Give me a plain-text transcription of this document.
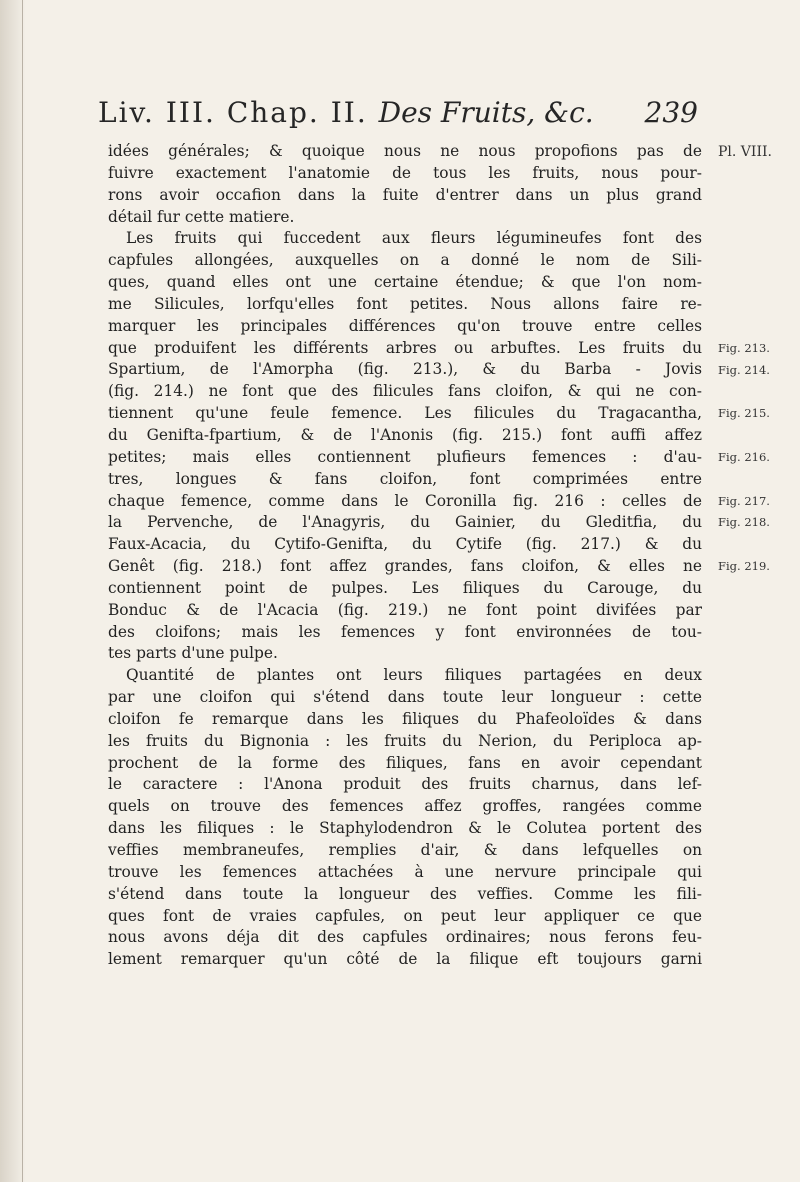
Liv. III. Chap. II. Des Fruits, &c. 239
idées générales; & quoique nous ne nous propofions pas de
fuivre exactement l'anatomie de tous les fruits, nous pour-
rons avoir occafion dans la fuite d'entrer dans un plus grand
détail fur cette matiere.
Les fruits qui fuccedent aux fleurs légumineufes font des
capfules allongées, auxquelles on a donné le nom de Sili-
ques, quand elles ont une certaine étendue; & que l'on nom-
me Silicules, lorfqu'elles font petites. Nous allons faire re-
marquer les principales différences qu'on trouve entre celles
que produifent les différents arbres ou arbuftes. Les fruits du
Spartium, de l'Amorpha (fig. 213.), & du Barba - Jovis
(fig. 214.) ne font que des filicules fans cloifon, & qui ne con-
tiennent qu'une feule femence. Les filicules du Tragacantha,
du Genifta-fpartium, & de l'Anonis (fig. 215.) font auffi affez
petites; mais elles contiennent plufieurs femences : d'au-
tres, longues & fans cloifon, font comprimées entre
chaque femence, comme dans le Coronilla fig. 216 : celles de
la Pervenche, de l'Anagyris, du Gainier, du Gleditfia, du
Faux-Acacia, du Cytifo-Genifta, du Cytife (fig. 217.) & du
Genêt (fig. 218.) font affez grandes, fans cloifon, & elles ne
contiennent point de pulpes. Les filiques du Carouge, du
Bonduc & de l'Acacia (fig. 219.) ne font point divifées par
des cloifons; mais les femences y font environnées de tou-
tes parts d'une pulpe.
Quantité de plantes ont leurs filiques partagées en deux
par une cloifon qui s'étend dans toute leur longueur : cette
cloifon fe remarque dans les filiques du Phafeoloïdes & dans
les fruits du Bignonia : les fruits du Nerion, du Periploca ap-
prochent de la forme des filiques, fans en avoir cependant
le caractere : l'Anona produit des fruits charnus, dans lef-
quels on trouve des femences affez groffes, rangées comme
dans les filiques : le Staphylodendron & le Colutea portent des
veffies membraneufes, remplies d'air, & dans lefquelles on
trouve les femences attachées à une nervure principale qui
s'étend dans toute la longueur des veffies. Comme les fili-
ques font de vraies capfules, on peut leur appliquer ce que
nous avons déja dit des capfules ordinaires; nous ferons feu-
lement remarquer qu'un côté de la filique eft toujours garni
Pl. VIII.
Fig. 213.
Fig. 214.
Fig. 215.
Fig. 216.
Fig. 217.
Fig. 218.
Fig. 219.
